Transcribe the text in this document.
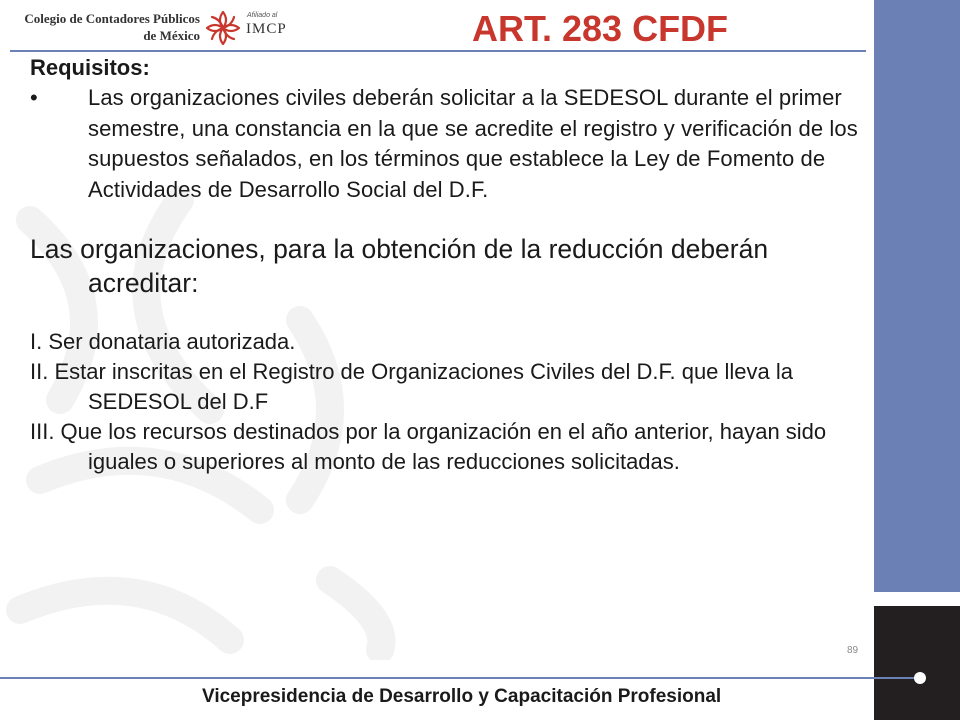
Colegio de Contadores Públicos
de México
Afiliado al
IMCP	ART. 283 CFDF

Requisitos:

• Las organizaciones civiles deberán solicitar a la SEDESOL durante el primer semestre, una constancia en la que se acredite el registro y verificación de los supuestos señalados, en los términos que establece la Ley de Fomento de Actividades de Desarrollo Social del D.F.
Las organizaciones, para la obtención de la reducción deberán acreditar:
I. Ser donataria autorizada.
II. Estar inscritas en el Registro de Organizaciones Civiles del D.F. que lleva la SEDESOL del D.F
III. Que los recursos destinados por la organización en el año anterior, hayan sido iguales o superiores al monto de las reducciones solicitadas.
89
Vicepresidencia de Desarrollo y Capacitación Profesional
